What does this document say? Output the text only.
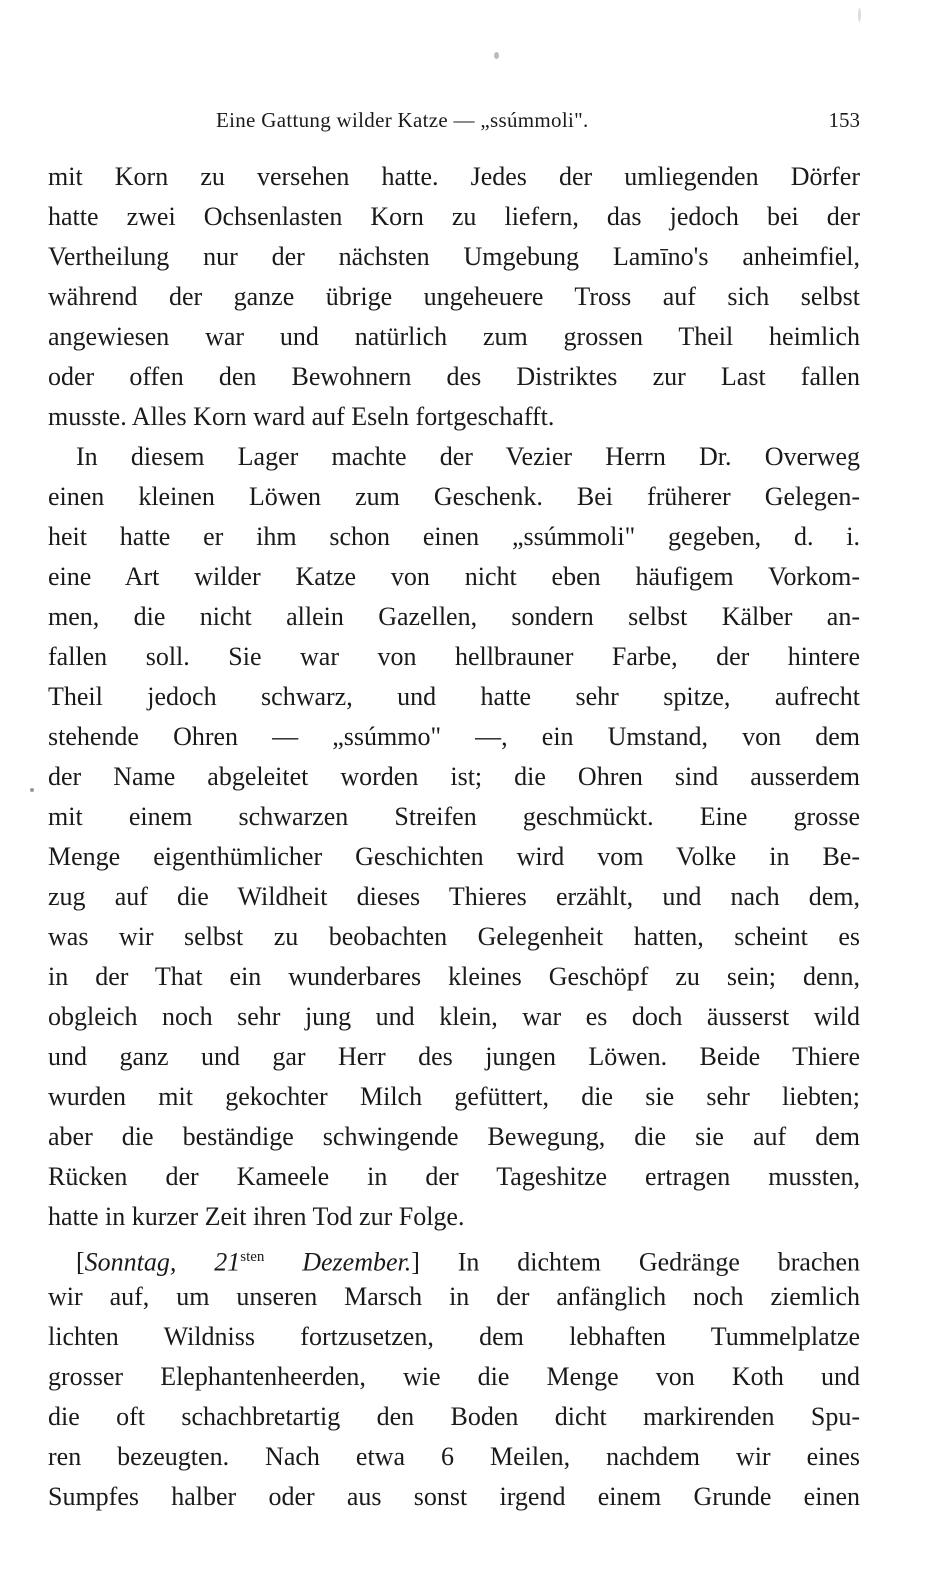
Eine Gattung wilder Katze — „ssúmmoli".	153
mit Korn zu versehen hatte. Jedes der umliegenden Dörfer
hatte zwei Ochsenlasten Korn zu liefern, das jedoch bei der
Vertheilung nur der nächsten Umgebung Lamīno's anheimfiel,
während der ganze übrige ungeheuere Tross auf sich selbst
angewiesen war und natürlich zum grossen Theil heimlich
oder offen den Bewohnern des Distriktes zur Last fallen
musste. Alles Korn ward auf Eseln fortgeschafft.
In diesem Lager machte der Vezier Herrn Dr. Overweg
einen kleinen Löwen zum Geschenk. Bei früherer Gelegen-
heit hatte er ihm schon einen „ssúmmoli" gegeben, d. i.
eine Art wilder Katze von nicht eben häufigem Vorkom-
men, die nicht allein Gazellen, sondern selbst Kälber an-
fallen soll. Sie war von hellbrauner Farbe, der hintere
Theil jedoch schwarz, und hatte sehr spitze, aufrecht
stehende Ohren — „ssúmmo" —, ein Umstand, von dem
der Name abgeleitet worden ist; die Ohren sind ausserdem
mit einem schwarzen Streifen geschmückt. Eine grosse
Menge eigenthümlicher Geschichten wird vom Volke in Be-
zug auf die Wildheit dieses Thieres erzählt, und nach dem,
was wir selbst zu beobachten Gelegenheit hatten, scheint es
in der That ein wunderbares kleines Geschöpf zu sein; denn,
obgleich noch sehr jung und klein, war es doch äusserst wild
und ganz und gar Herr des jungen Löwen. Beide Thiere
wurden mit gekochter Milch gefüttert, die sie sehr liebten;
aber die beständige schwingende Bewegung, die sie auf dem
Rücken der Kameele in der Tageshitze ertragen mussten,
hatte in kurzer Zeit ihren Tod zur Folge.
[Sonntag, $21^{sten}$ Dezember.] In dichtem Gedränge brachen
wir auf, um unseren Marsch in der anfänglich noch ziemlich
lichten Wildniss fortzusetzen, dem lebhaften Tummelplatze
grosser Elephantenheerden, wie die Menge von Koth und
die oft schachbretartig den Boden dicht markirenden Spu-
ren bezeugten. Nach etwa 6 Meilen, nachdem wir eines
Sumpfes halber oder aus sonst irgend einem Grunde einen
